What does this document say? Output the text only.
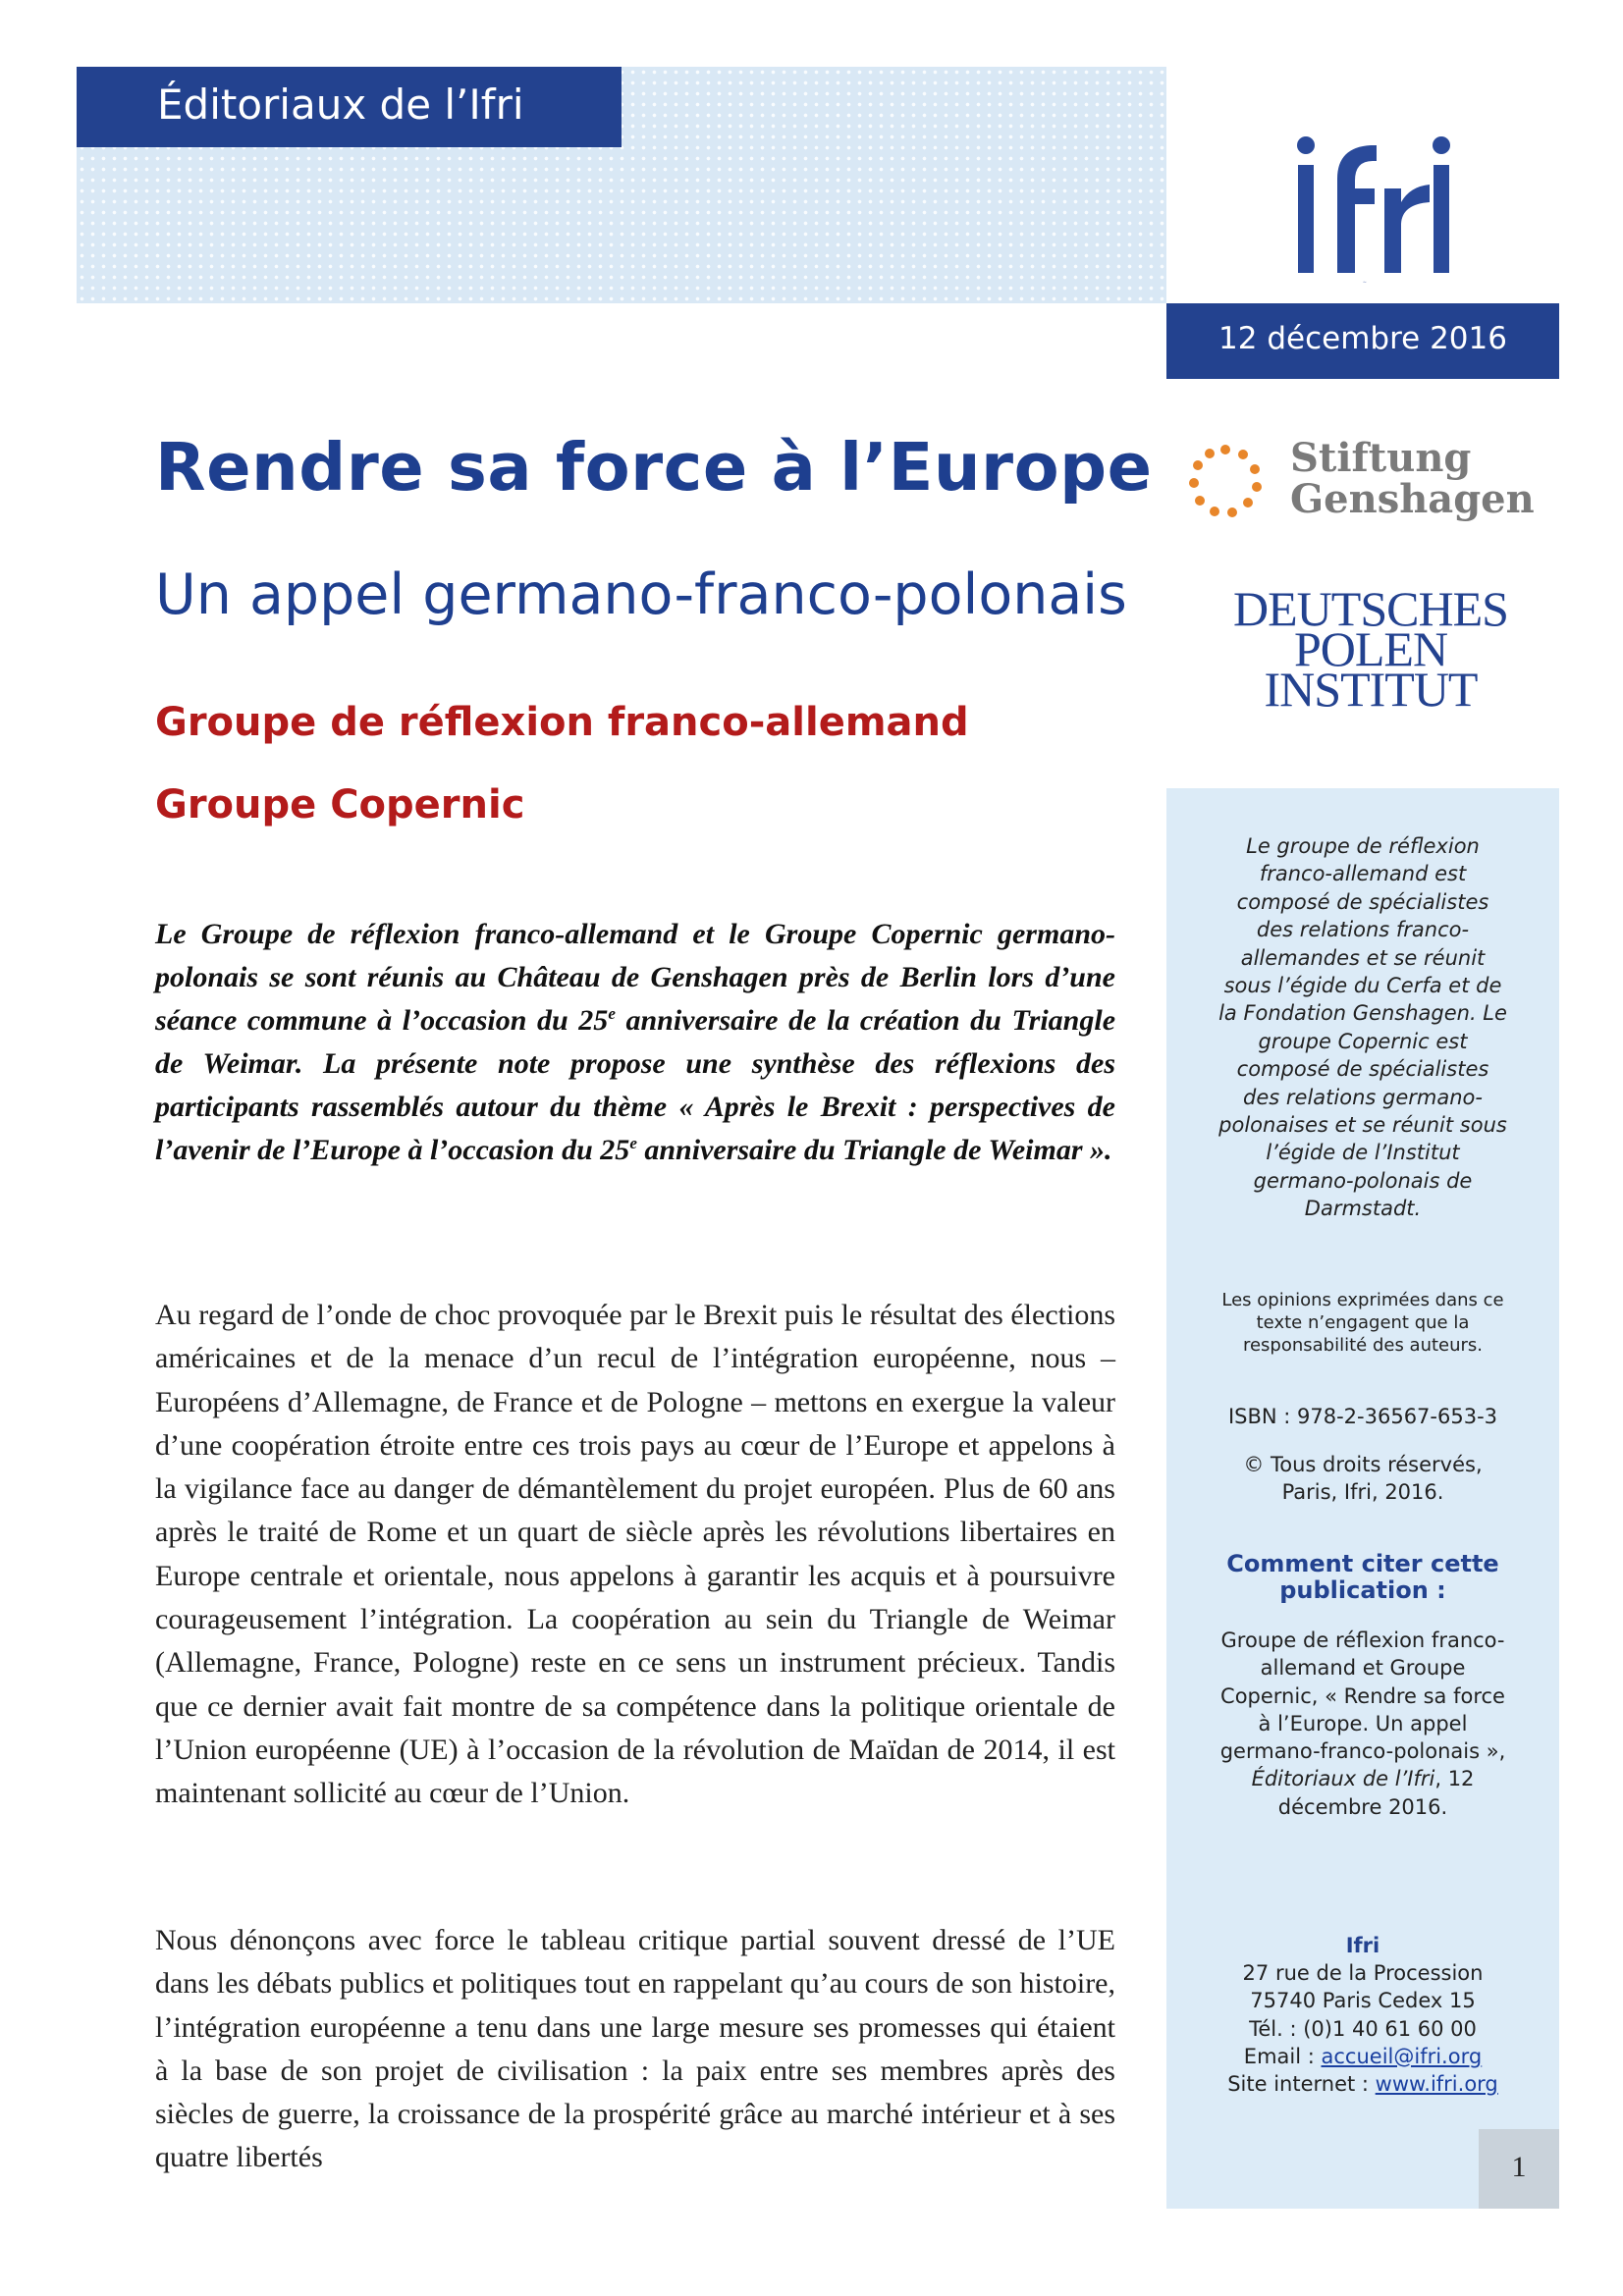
Éditoriaux de l’Ifri
ifri
12 décembre 2016
Stiftung
Genshagen
DEUTSCHES
POLEN
INSTITUT
Le groupe de réflexion franco-allemand est composé de spécialistes des relations franco-allemandes et se réunit sous l’égide du Cerfa et de la Fondation Genshagen. Le groupe Copernic est composé de spécialistes des relations germano-polonaises et se réunit sous l’égide de l’Institut germano-polonais de Darmstadt.
Les opinions exprimées dans ce texte n’engagent que la responsabilité des auteurs.
ISBN : 978-2-36567-653-3
© Tous droits réservés, Paris, Ifri, 2016.
Comment citer cette publication :
Groupe de réflexion franco-allemand et Groupe Copernic, « Rendre sa force à l’Europe. Un appel germano-franco-polonais », Éditoriaux de l’Ifri, 12 décembre 2016.
Ifri
27 rue de la Procession
75740 Paris Cedex 15
Tél. : (0)1 40 61 60 00
Email : accueil@ifri.org
Site internet : www.ifri.org
1
Rendre sa force à l’Europe
Un appel germano-franco-polonais
Groupe de réflexion franco-allemand
Groupe Copernic
Le Groupe de réflexion franco-allemand et le Groupe Copernic germano-polonais se sont réunis au Château de Genshagen près de Berlin lors d’une séance commune à l’occasion du 25e anniversaire de la création du Triangle de Weimar. La présente note propose une synthèse des réflexions des participants rassemblés autour du thème « Après le Brexit : perspectives de l’avenir de l’Europe à l’occasion du 25e anniversaire du Triangle de Weimar ».

Au regard de l’onde de choc provoquée par le Brexit puis le résultat des élections américaines et de la menace d’un recul de l’intégration européenne, nous – Européens d’Allemagne, de France et de Pologne – mettons en exergue la valeur d’une coopération étroite entre ces trois pays au cœur de l’Europe et appelons à la vigilance face au danger de démantèlement du projet européen. Plus de 60 ans après le traité de Rome et un quart de siècle après les révolutions libertaires en Europe centrale et orientale, nous appelons à garantir les acquis et à poursuivre courageusement l’intégration. La coopération au sein du Triangle de Weimar (Allemagne, France, Pologne) reste en ce sens un instrument précieux. Tandis que ce dernier avait fait montre de sa compétence dans la politique orientale de l’Union européenne (UE) à l’occasion de la révolution de Maïdan de 2014, il est maintenant sollicité au cœur de l’Union.

Nous dénonçons avec force le tableau critique partial souvent dressé de l’UE dans les débats publics et politiques tout en rappelant qu’au cours de son histoire, l’intégration européenne a tenu dans une large mesure ses promesses qui étaient à la base de son projet de civilisation : la paix entre ses membres après des siècles de guerre, la croissance de la prospérité grâce au marché intérieur et à ses quatre libertés
